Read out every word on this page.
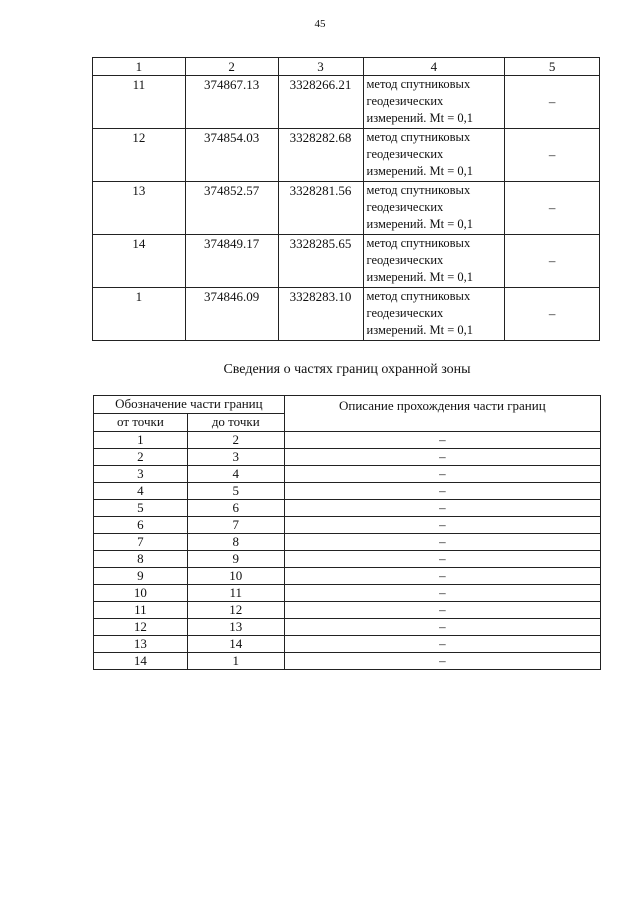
45
1	2	3	4	5
11	374867.13	3328266.21	метод спутниковых
геодезических
измерений. Mt = 0,1	–
12	374854.03	3328282.68	метод спутниковых
геодезических
измерений. Mt = 0,1	–
13	374852.57	3328281.56	метод спутниковых
геодезических
измерений. Mt = 0,1	–
14	374849.17	3328285.65	метод спутниковых
геодезических
измерений. Mt = 0,1	–
1	374846.09	3328283.10	метод спутниковых
геодезических
измерений. Mt = 0,1	–
Сведения о частях границ охранной зоны
Обозначение части границ		Описание прохождения части границ
от точки	до точки	
1	2	–
2	3	–
3	4	–
4	5	–
5	6	–
6	7	–
7	8	–
8	9	–
9	10	–
10	11	–
11	12	–
12	13	–
13	14	–
14	1	–
